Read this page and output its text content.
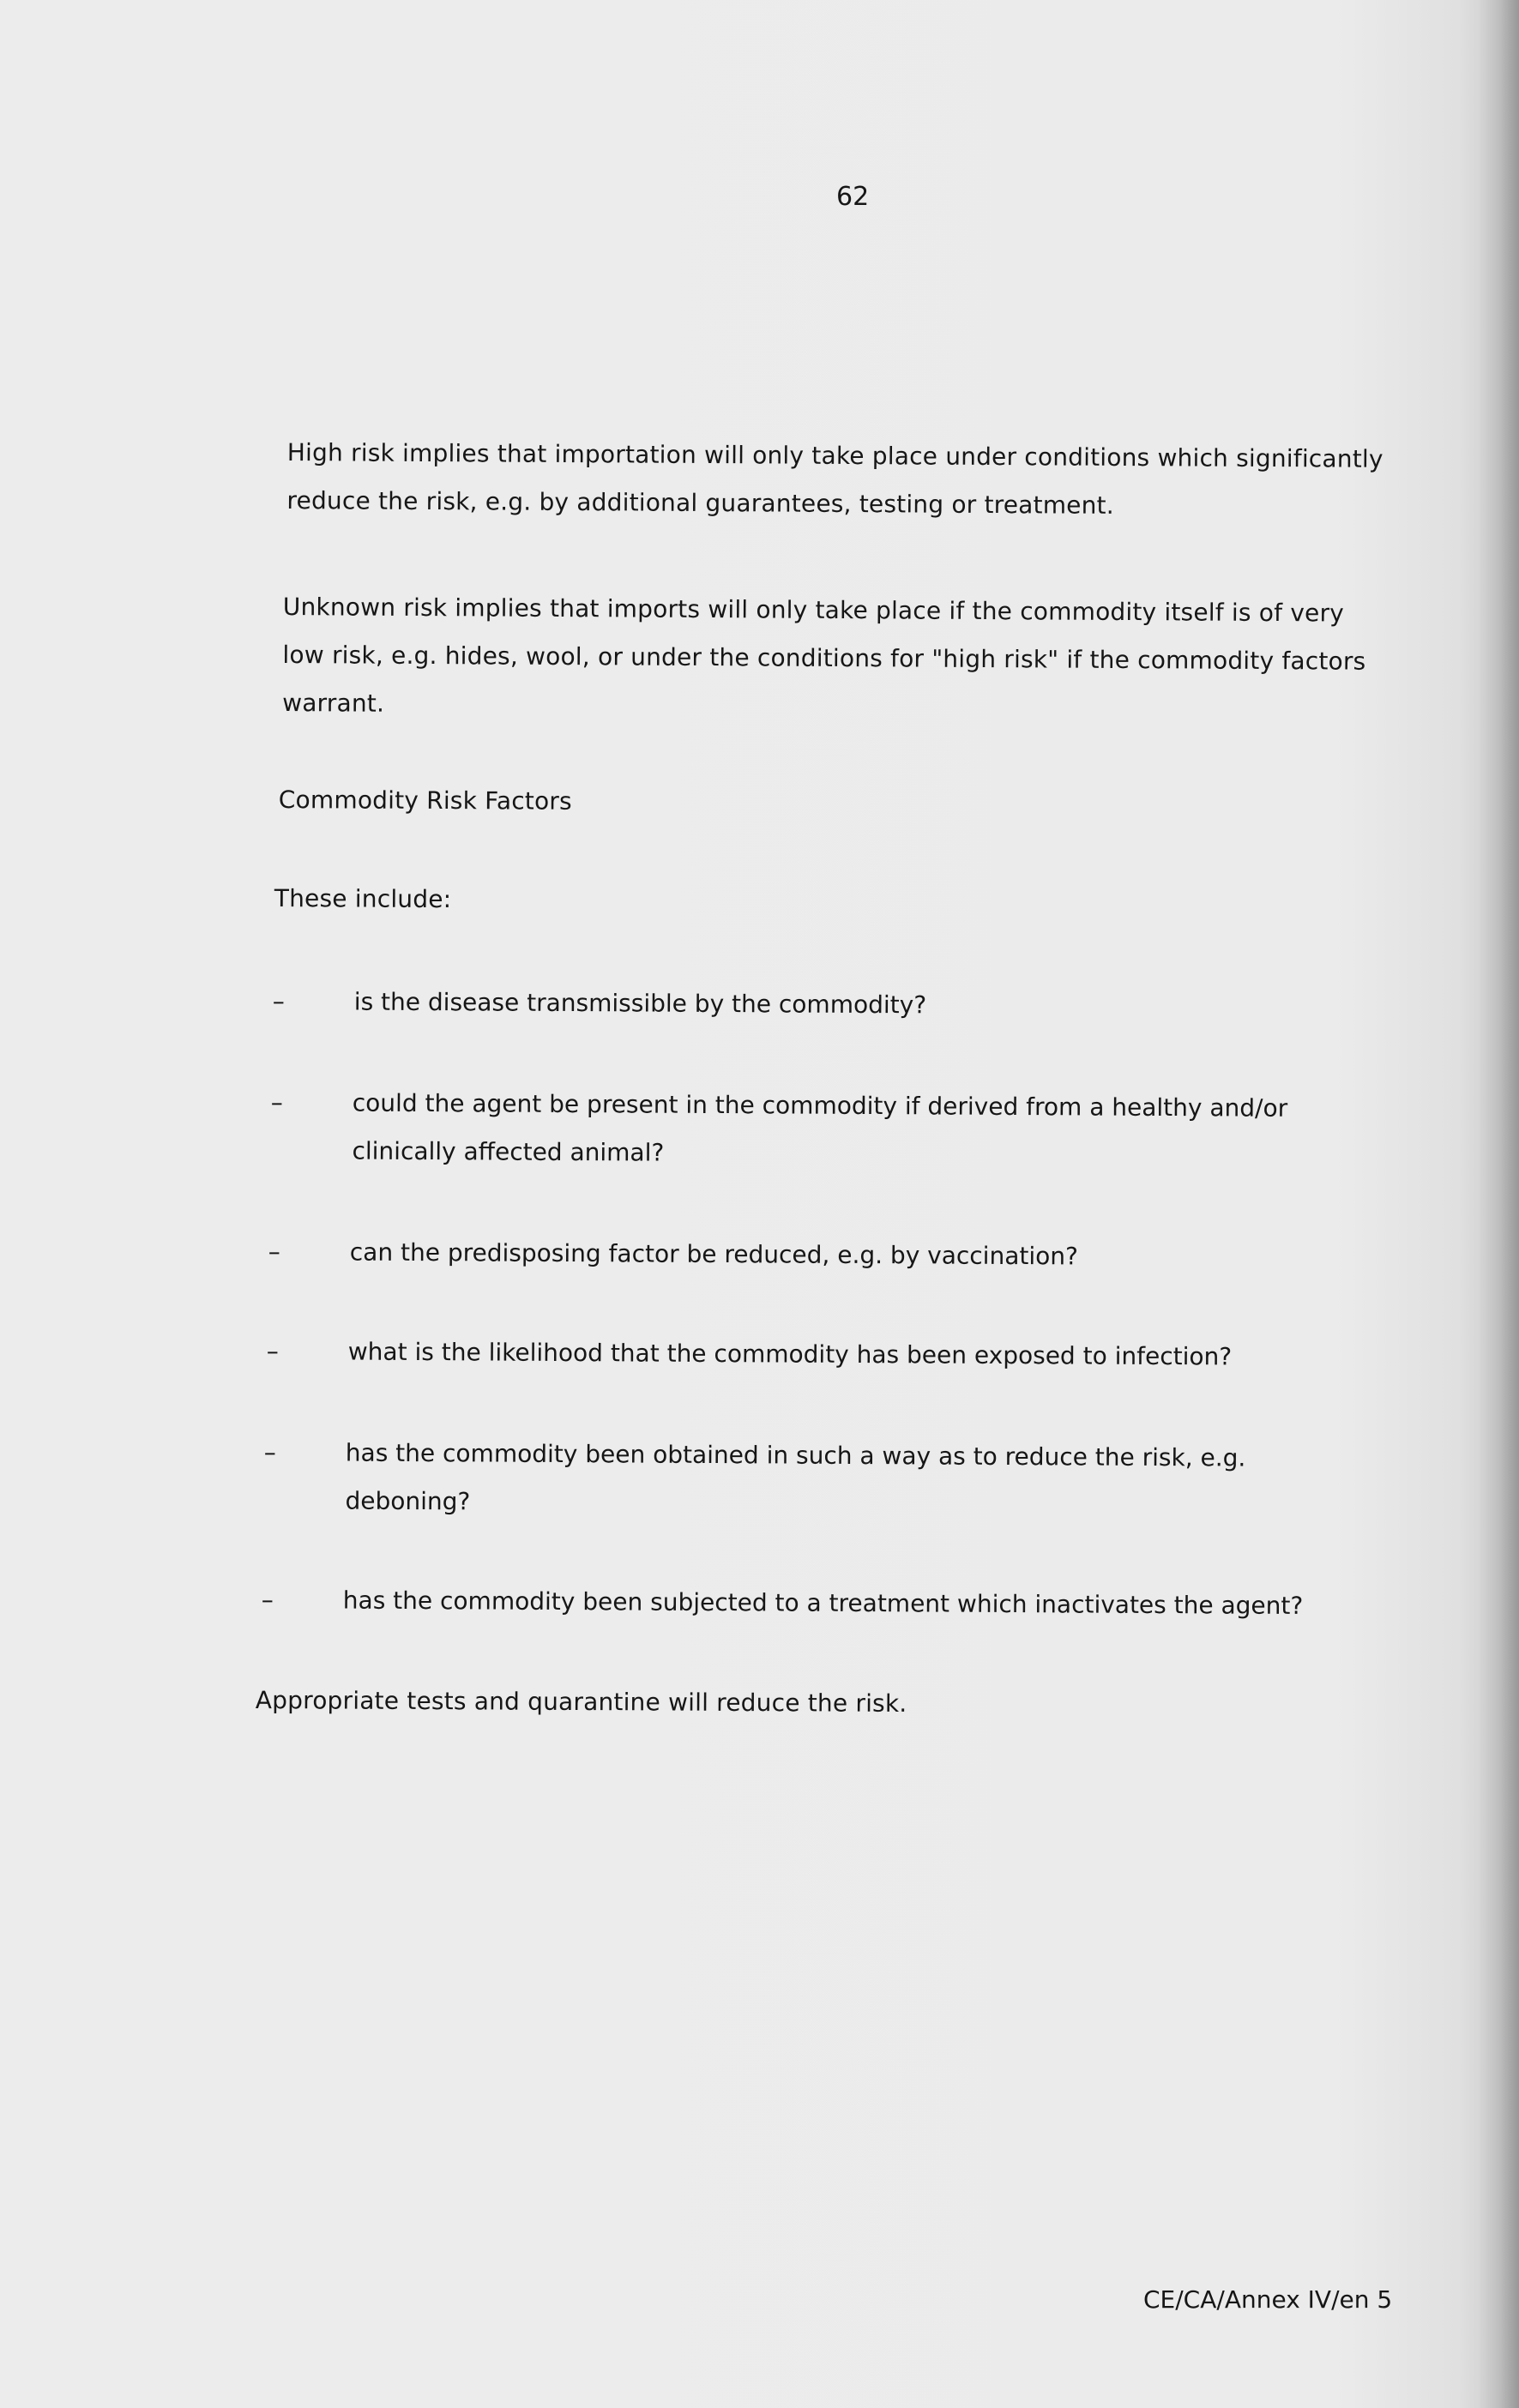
62
High risk implies that importation will only take place under conditions which significantly
reduce the risk, e.g. by additional guarantees, testing or treatment.
Unknown risk implies that imports will only take place if the commodity itself is of very
low risk, e.g. hides, wool, or under the conditions for "high risk" if the commodity factors
warrant.
Commodity Risk Factors
These include:
–	is the disease transmissible by the commodity?
–	could the agent be present in the commodity if derived from a healthy and/or
clinically affected animal?
–	can the predisposing factor be reduced, e.g. by vaccination?
–	what is the likelihood that the commodity has been exposed to infection?
–	has the commodity been obtained in such a way as to reduce the risk, e.g.
deboning?
–	has the commodity been subjected to a treatment which inactivates the agent?
Appropriate tests and quarantine will reduce the risk.
CE/CA/Annex IV/en 5
